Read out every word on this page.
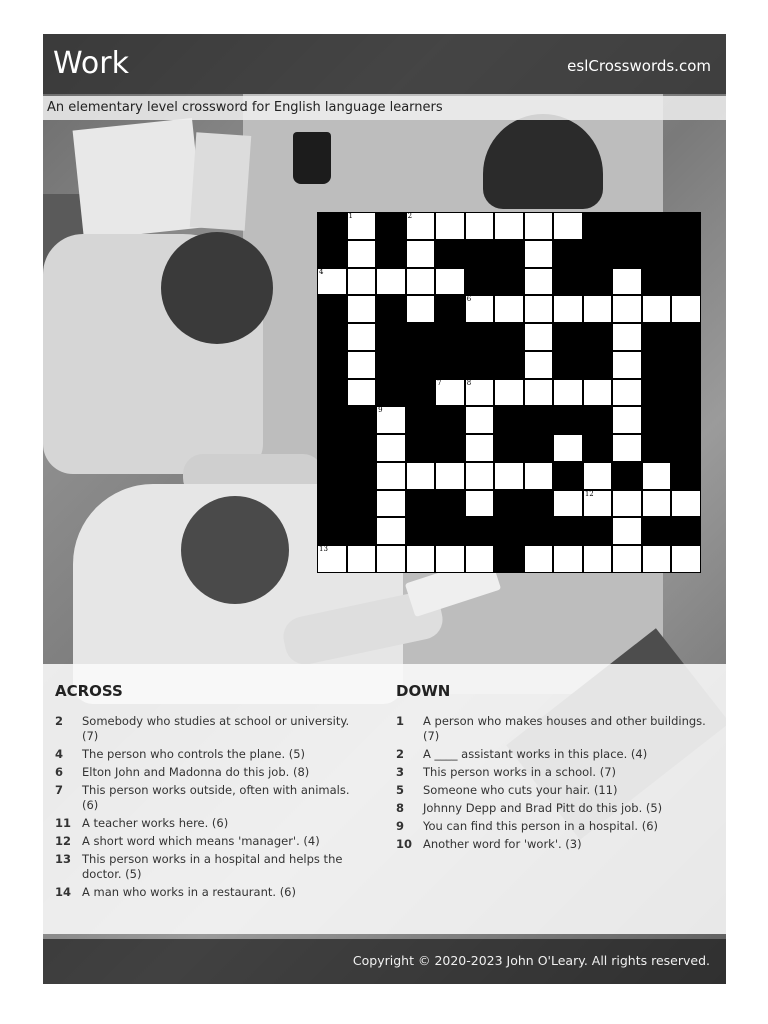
Work	eslCrosswords.com
An elementary level crossword for English language learners
1	2	3
4	5
6
7	8
9
10
11
12
13	14
ACROSS
2	Somebody who studies at school or university. (7)
4	The person who controls the plane. (5)
6	Elton John and Madonna do this job. (8)
7	This person works outside, often with animals. (6)
11 A teacher works here. (6)
12 A short word which means 'manager'. (4)
13 This person works in a hospital and helps the doctor. (5)
14 A man who works in a restaurant. (6)
DOWN
1	A person who makes houses and other buildings. (7)
2	A ____ assistant works in this place. (4)
3	This person works in a school. (7)
5	Someone who cuts your hair. (11)
8	Johnny Depp and Brad Pitt do this job. (5)
9	You can find this person in a hospital. (6)
10 Another word for 'work'. (3)
Copyright © 2020-2023 John O'Leary. All rights reserved.
